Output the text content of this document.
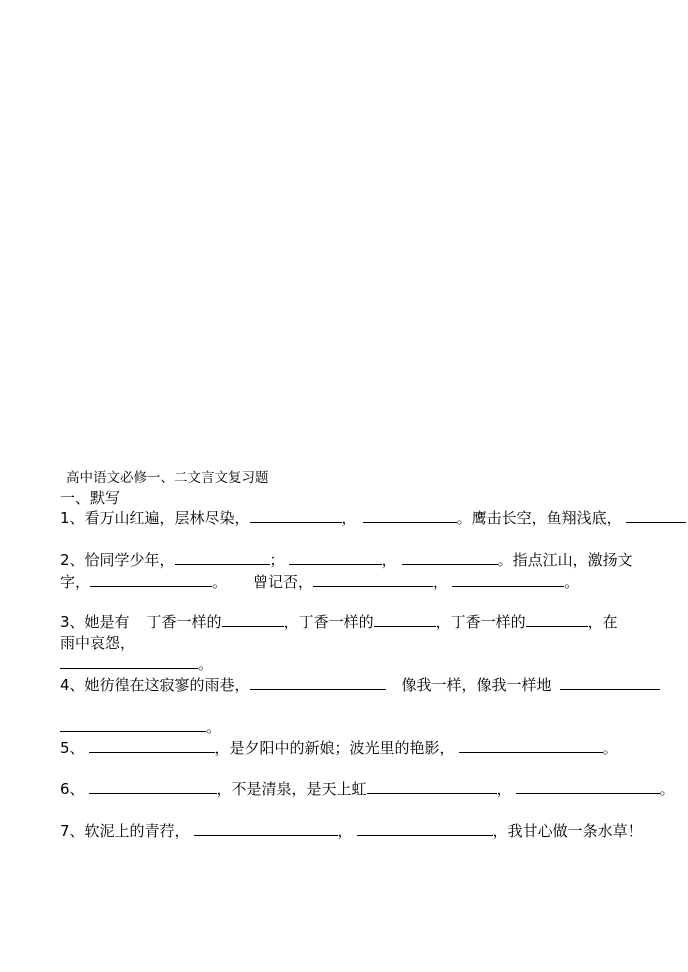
高中语文必修一、二文言文复习题
一、默写
1、看万山红遍，层林尽染，	，	。鹰击长空，鱼翔浅底，
2、恰同学少年，	；	，	。指点江山，激扬文
字，	。 曾记否，	，	。
3、她是有 丁香一样的	，丁香一样的	，丁香一样的	，在
雨中哀怨，
。
4、她彷徨在这寂寥的雨巷，	像我一样，像我一样地
。
5、	，是夕阳中的新娘；波光里的艳影，	。
6、	，不是清泉，是天上虹	，	。
7、软泥上的青荇，	，	，我甘心做一条水草！
